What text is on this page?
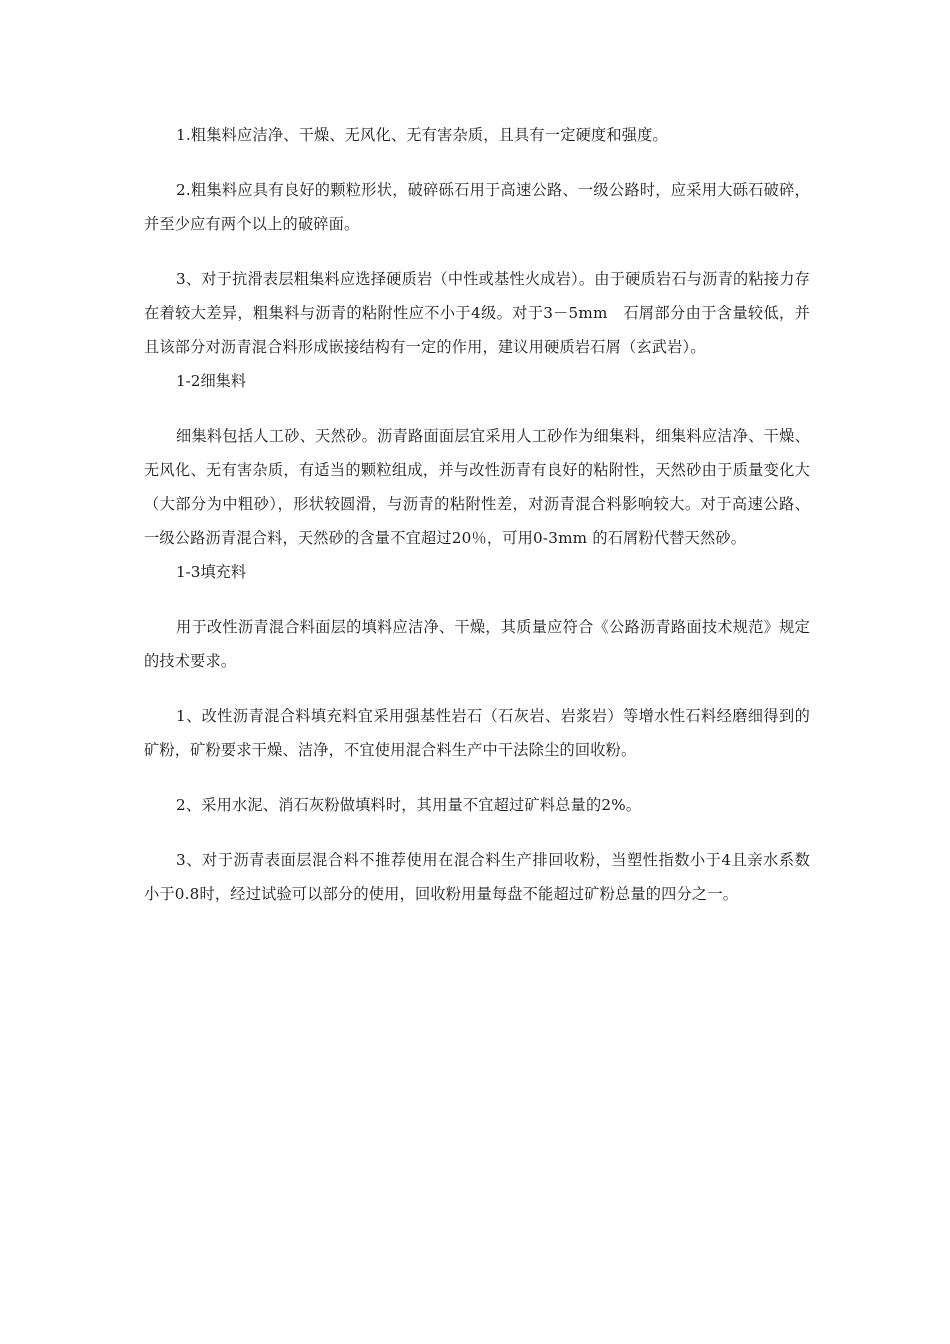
1.粗集料应洁净、干燥、无风化、无有害杂质，且具有一定硬度和强度。

2.粗集料应具有良好的颗粒形状，破碎砾石用于高速公路、一级公路时，应采用大砾石破碎，并至少应有两个以上的破碎面。

3、对于抗滑表层粗集料应选择硬质岩（中性或基性火成岩）。由于硬质岩石与沥青的粘接力存在着较大差异，粗集料与沥青的粘附性应不小于4级。对于3－5mm　石屑部分由于含量较低，并且该部分对沥青混合料形成嵌接结构有一定的作用，建议用硬质岩石屑（玄武岩）。

1-2细集料

细集料包括人工砂、天然砂。沥青路面面层宜采用人工砂作为细集料，细集料应洁净、干燥、无风化、无有害杂质，有适当的颗粒组成，并与改性沥青有良好的粘附性，天然砂由于质量变化大（大部分为中粗砂），形状较圆滑，与沥青的粘附性差，对沥青混合料影响较大。对于高速公路、一级公路沥青混合料，天然砂的含量不宜超过20％，可用0-3mm 的石屑粉代替天然砂。

1-3填充料

用于改性沥青混合料面层的填料应洁净、干燥，其质量应符合《公路沥青路面技术规范》规定的技术要求。

1、改性沥青混合料填充料宜采用强基性岩石（石灰岩、岩浆岩）等增水性石料经磨细得到的矿粉，矿粉要求干燥、洁净，不宜使用混合料生产中干法除尘的回收粉。

2、采用水泥、消石灰粉做填料时，其用量不宜超过矿料总量的2%。

3、对于沥青表面层混合料不推荐使用在混合料生产排回收粉，当塑性指数小于4且亲水系数小于0.8时，经过试验可以部分的使用，回收粉用量每盘不能超过矿粉总量的四分之一。
